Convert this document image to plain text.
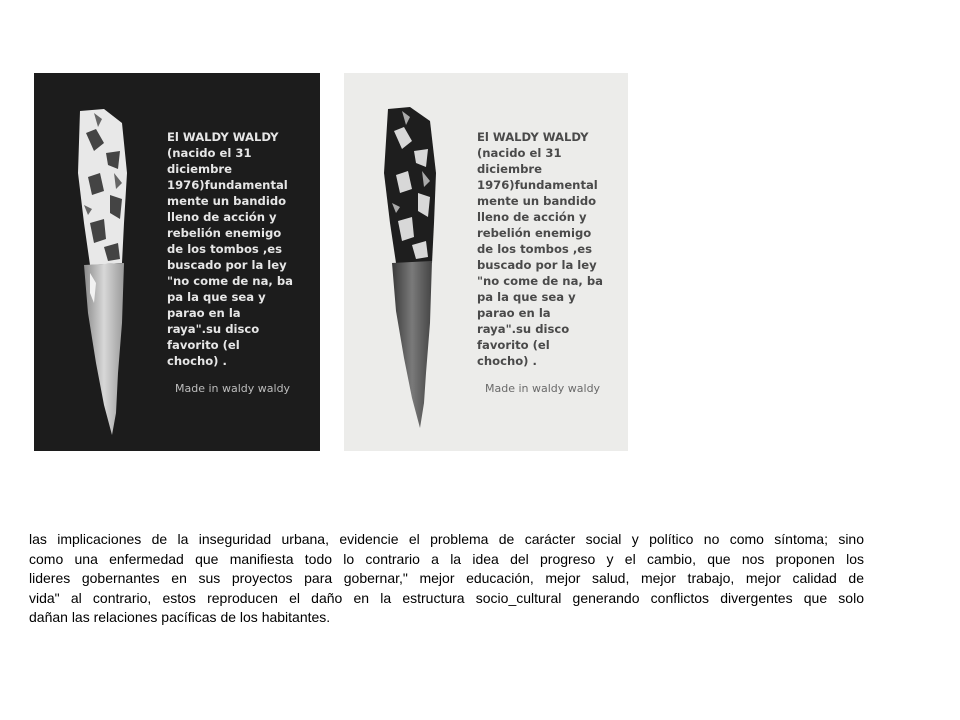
El WALDY WALDY
(nacido el 31
diciembre
1976)fundamental
mente un bandido
lleno de acción y
rebelión enemigo
de los tombos ,es
buscado por la ley
"no come de na, ba
pa la que sea y
parao en la
raya".su disco
favorito (el
chocho) .
Made in waldy waldy
El WALDY WALDY
(nacido el 31
diciembre
1976)fundamental
mente un bandido
lleno de acción y
rebelión enemigo
de los tombos ,es
buscado por la ley
"no come de na, ba
pa la que sea y
parao en la
raya".su disco
favorito (el
chocho) .
Made in waldy waldy
las implicaciones de la inseguridad urbana, evidencie el problema de carácter social y político no como síntoma; sino
como una enfermedad que manifiesta todo lo contrario a la idea del progreso y el cambio, que nos proponen los
lideres gobernantes en sus proyectos para gobernar," mejor educación, mejor salud, mejor trabajo, mejor calidad de
vida" al contrario, estos reproducen el daño en la estructura socio_cultural generando conflictos divergentes que solo
dañan las relaciones pacíficas de los habitantes.
